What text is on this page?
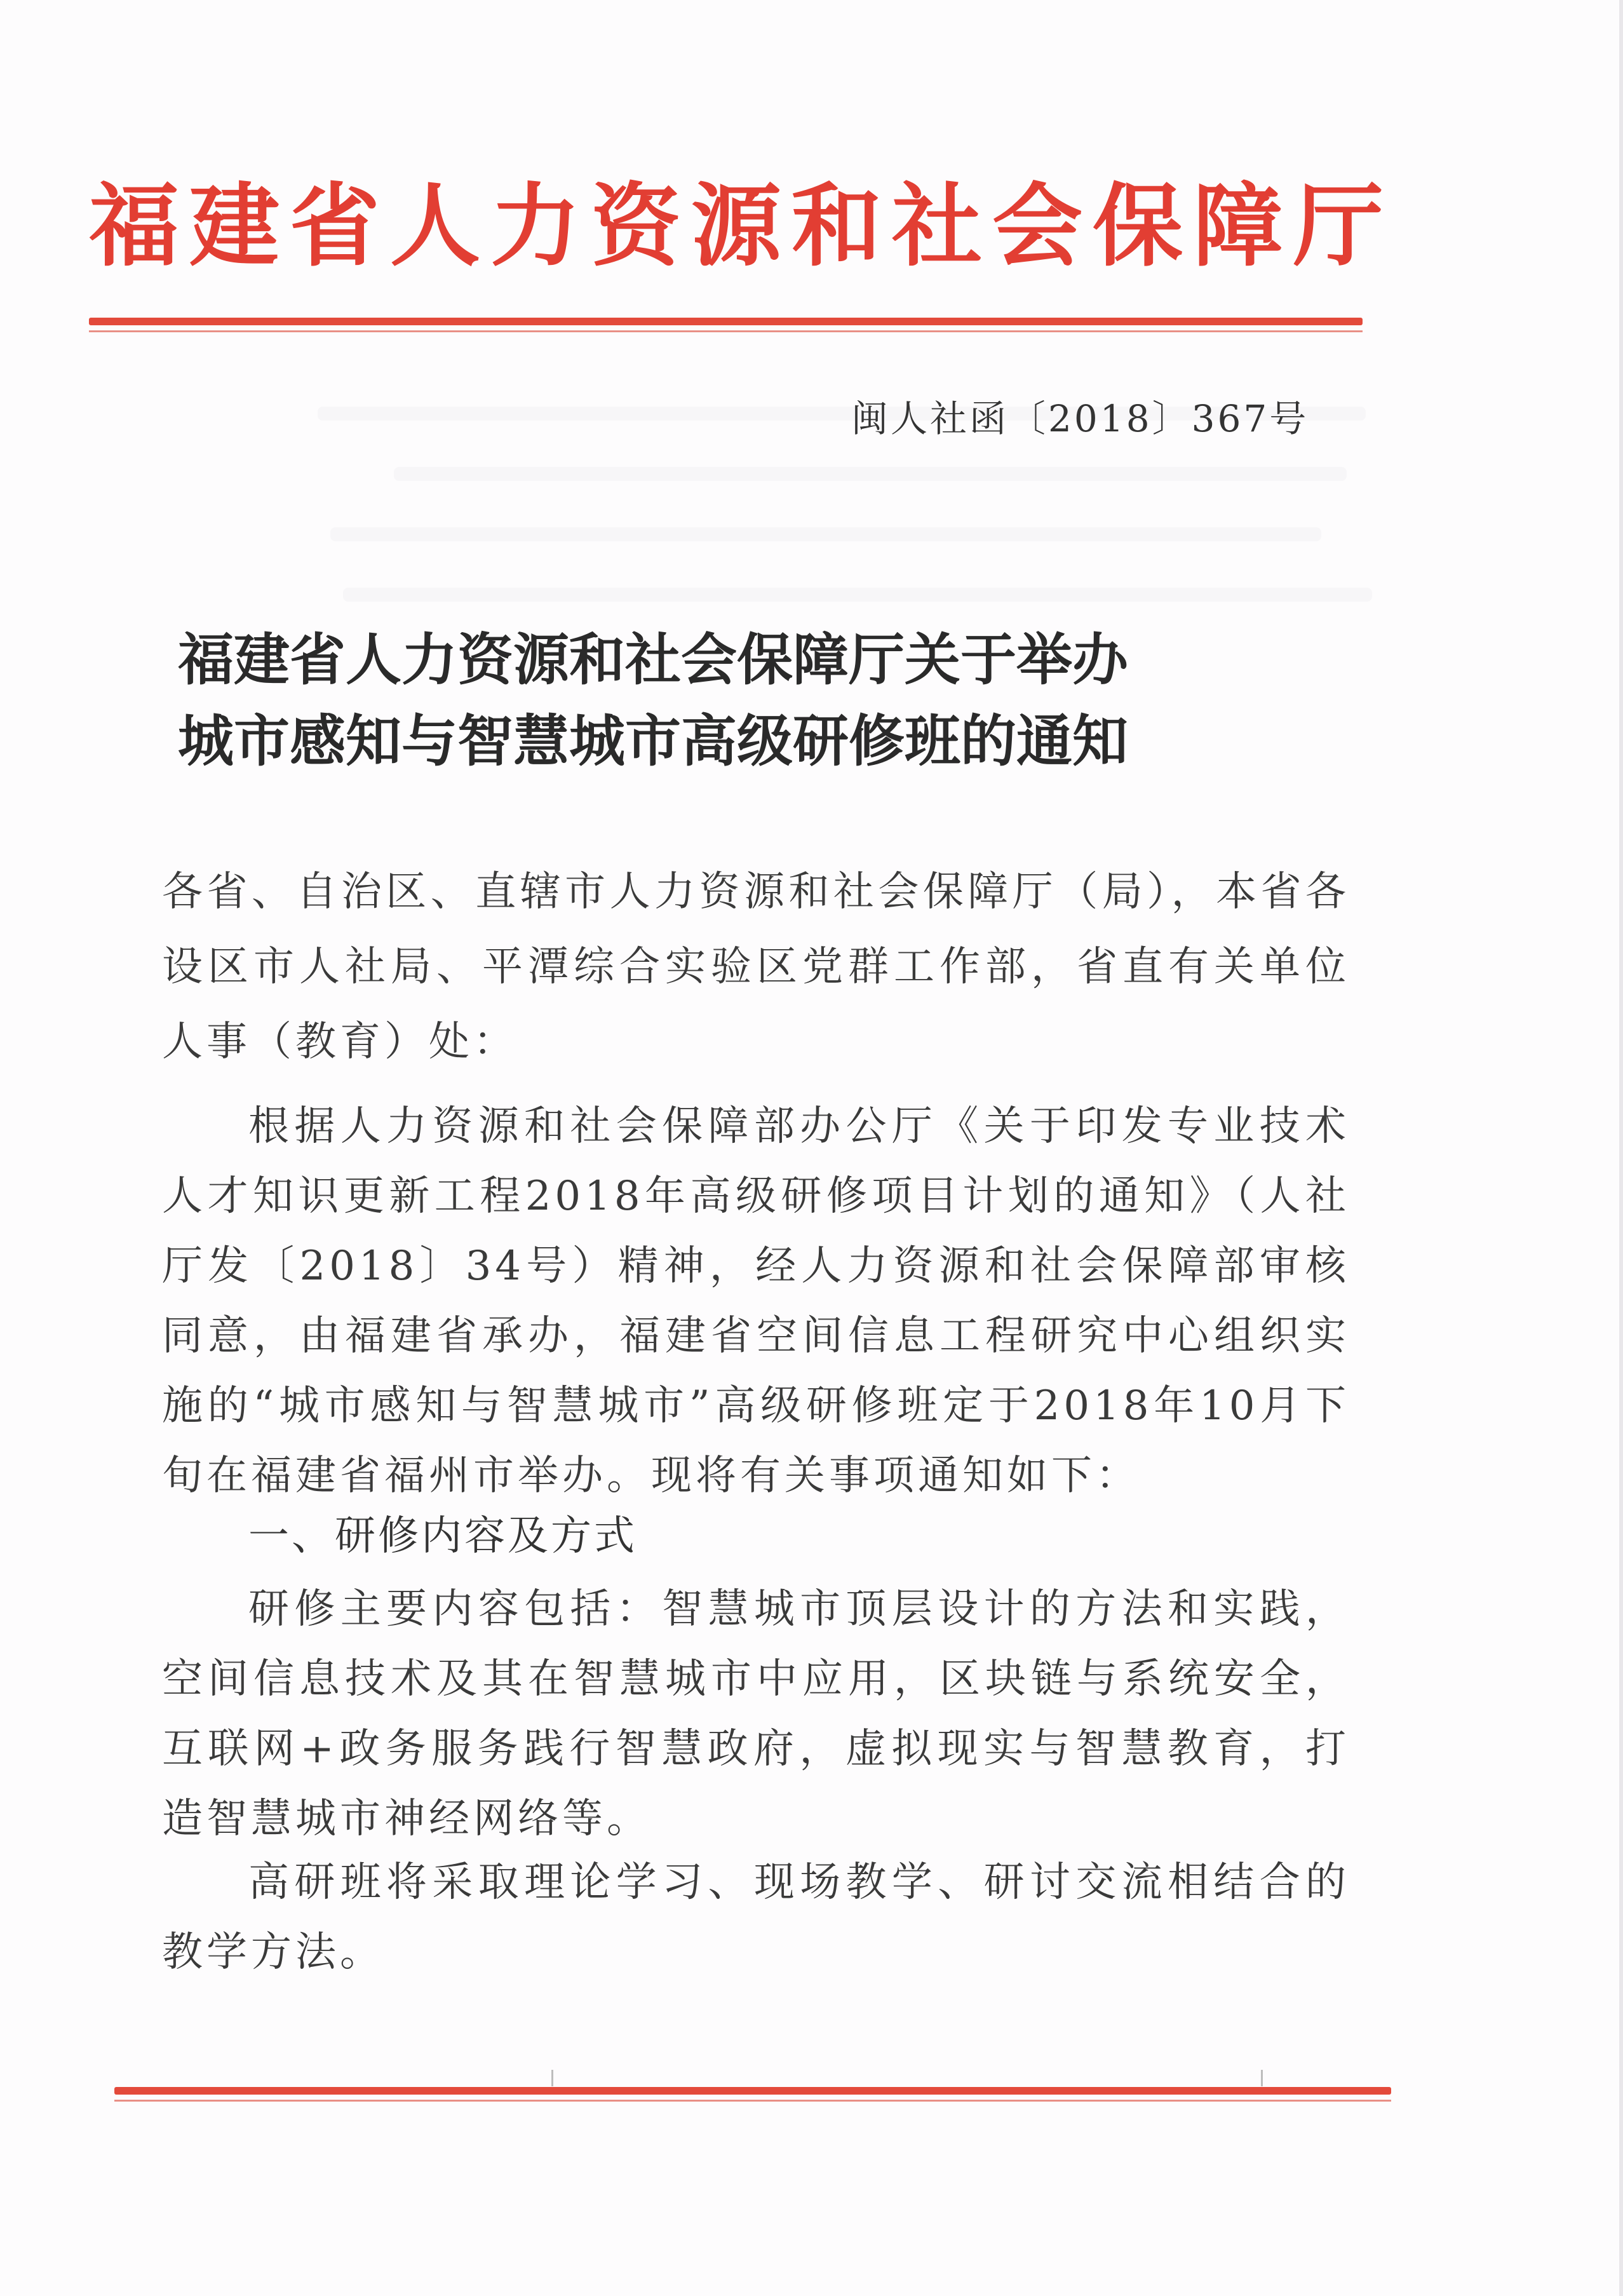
福建省人力资源和社会保障厅
闽人社函〔2018〕367号
福建省人力资源和社会保障厅关于举办
城市感知与智慧城市高级研修班的通知
各省、自治区、直辖市人力资源和社会保障厅（局），本省各设区市人社局、平潭综合实验区党群工作部，省直有关单位人事（教育）处：
根据人力资源和社会保障部办公厅《关于印发专业技术人才知识更新工程2018年高级研修项目计划的通知》（人社厅发〔2018〕34号）精神，经人力资源和社会保障部审核同意，由福建省承办，福建省空间信息工程研究中心组织实施的“城市感知与智慧城市”高级研修班定于2018年10月下旬在福建省福州市举办。现将有关事项通知如下：
一、研修内容及方式
研修主要内容包括：智慧城市顶层设计的方法和实践，空间信息技术及其在智慧城市中应用，区块链与系统安全，互联网+政务服务践行智慧政府，虚拟现实与智慧教育，打造智慧城市神经网络等。
高研班将采取理论学习、现场教学、研讨交流相结合的教学方法。
